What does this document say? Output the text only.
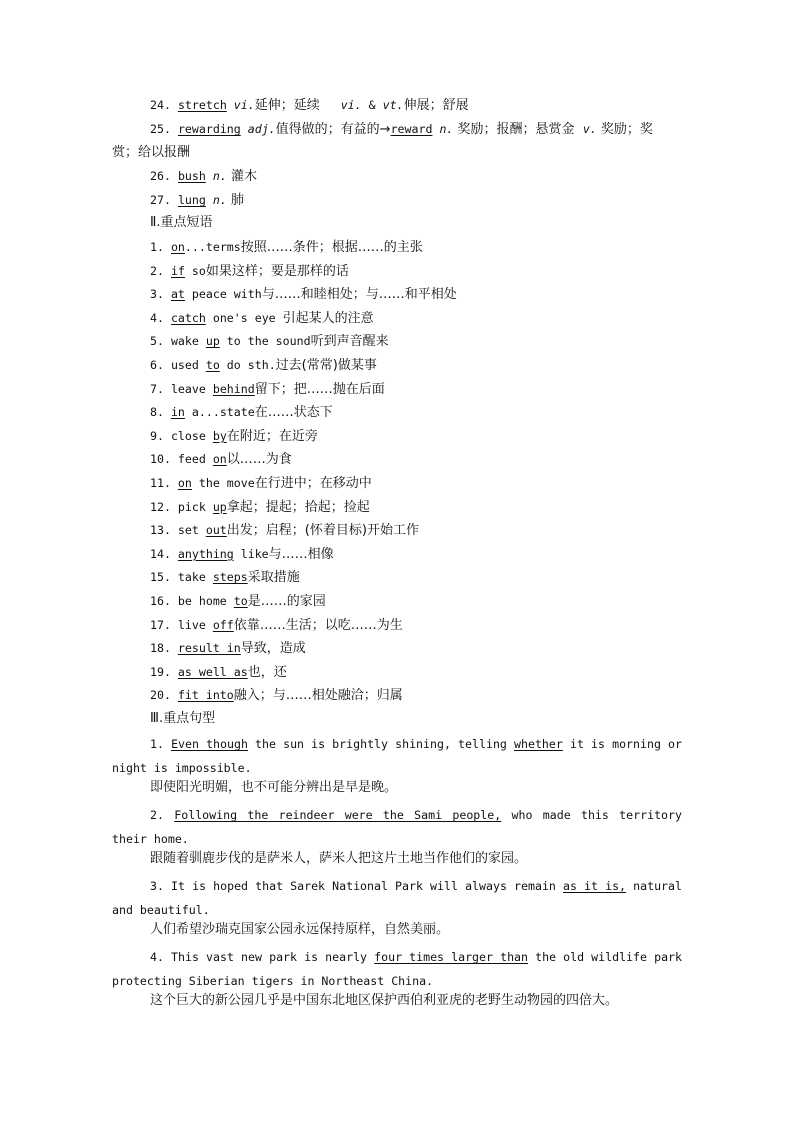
24. stretch vi.延伸；延续 vi. & vt.伸展；舒展
25. rewarding adj.值得做的；有益的→reward n. 奖励；报酬；悬赏金  v. 奖励；奖
赏；给以报酬
26. bush n. 灌木
27. lung n. 肺
Ⅱ.重点短语
1. on...terms按照……条件；根据……的主张
2. if so如果这样；要是那样的话
3. at peace with与……和睦相处；与……和平相处
4. catch one's eye 引起某人的注意
5. wake up to the sound听到声音醒来
6. used to do sth.过去(常常)做某事
7. leave behind留下；把……抛在后面
8. in a...state在……状态下
9. close by在附近；在近旁
10. feed on以……为食
11. on the move在行进中；在移动中
12. pick up拿起；提起；拾起；捡起
13. set out出发；启程；(怀着目标)开始工作
14. anything like与……相像
15. take steps采取措施
16. be home to是……的家园
17. live off依靠……生活；以吃……为生
18. result in导致，造成
19. as well as也，还
20. fit into融入；与……相处融洽；归属
Ⅲ.重点句型
1. Even though the sun is brightly shining, telling whether it is morning or night is impossible.
即使阳光明媚，也不可能分辨出是早是晚。
2. Following the reindeer were the Sami people, who made this territory their home.
跟随着驯鹿步伐的是萨米人，萨米人把这片土地当作他们的家园。
3. It is hoped that Sarek National Park will always remain as it is, natural and beautiful.
人们希望沙瑞克国家公园永远保持原样，自然美丽。
4. This vast new park is nearly four times larger than the old wildlife park protecting Siberian tigers in Northeast China.
这个巨大的新公园几乎是中国东北地区保护西伯利亚虎的老野生动物园的四倍大。
